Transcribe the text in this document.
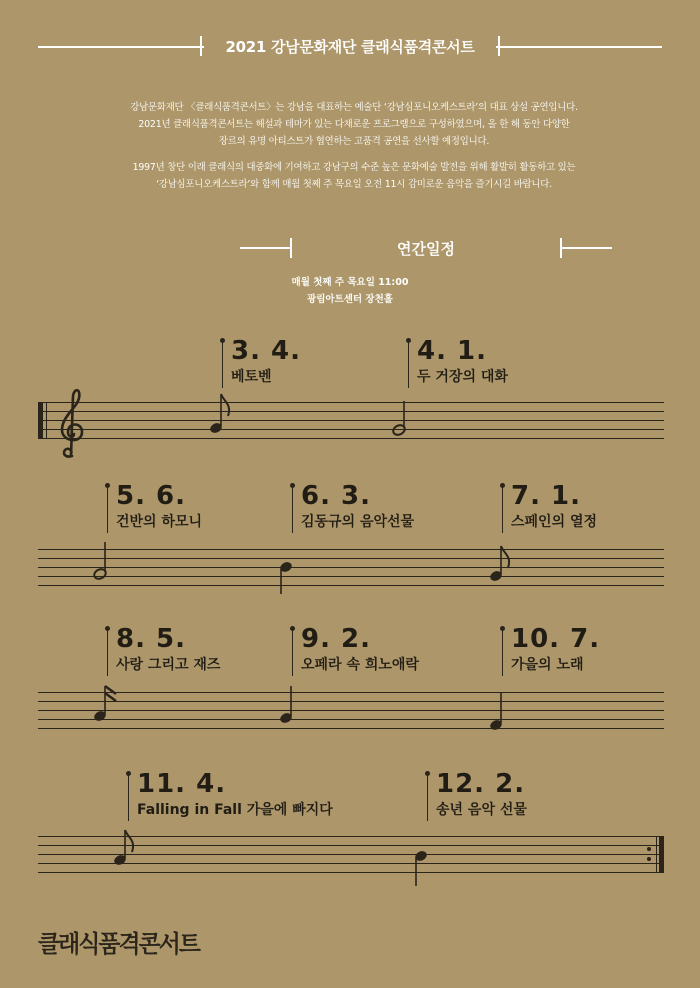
2021 강남문화재단 클래식품격콘서트

강남문화재단 〈클래식품격콘서트〉는 강남을 대표하는 예술단 ‘강남심포니오케스트라’의 대표 상설 공연입니다.
2021년 클래식품격콘서트는 해설과 테마가 있는 다채로운 프로그램으로 구성하였으며, 올 한 해 동안 다양한
장르의 유명 아티스트가 협연하는 고품격 공연을 선사할 예정입니다.

1997년 창단 이래 클래식의 대중화에 기여하고 강남구의 수준 높은 문화예술 발전을 위해 활발히 활동하고 있는
‘강남심포니오케스트라’와 함께 매월 첫째 주 목요일 오전 11시 감미로운 음악을 즐기시길 바랍니다.

연간일정
매월 첫째 주 목요일 11:00
광림아트센터 장천홀
3. 4.
베토벤
4. 1.
두 거장의 대화
5. 6.
건반의 하모니
6. 3.
김동규의 음악선물
7. 1.
스페인의 열정
8. 5.
사랑 그리고 재즈
9. 2.
오페라 속 희노애락
10. 7.
가을의 노래
11. 4.
Falling in Fall 가을에 빠지다
12. 2.
송년 음악 선물
클래식품격콘서트
